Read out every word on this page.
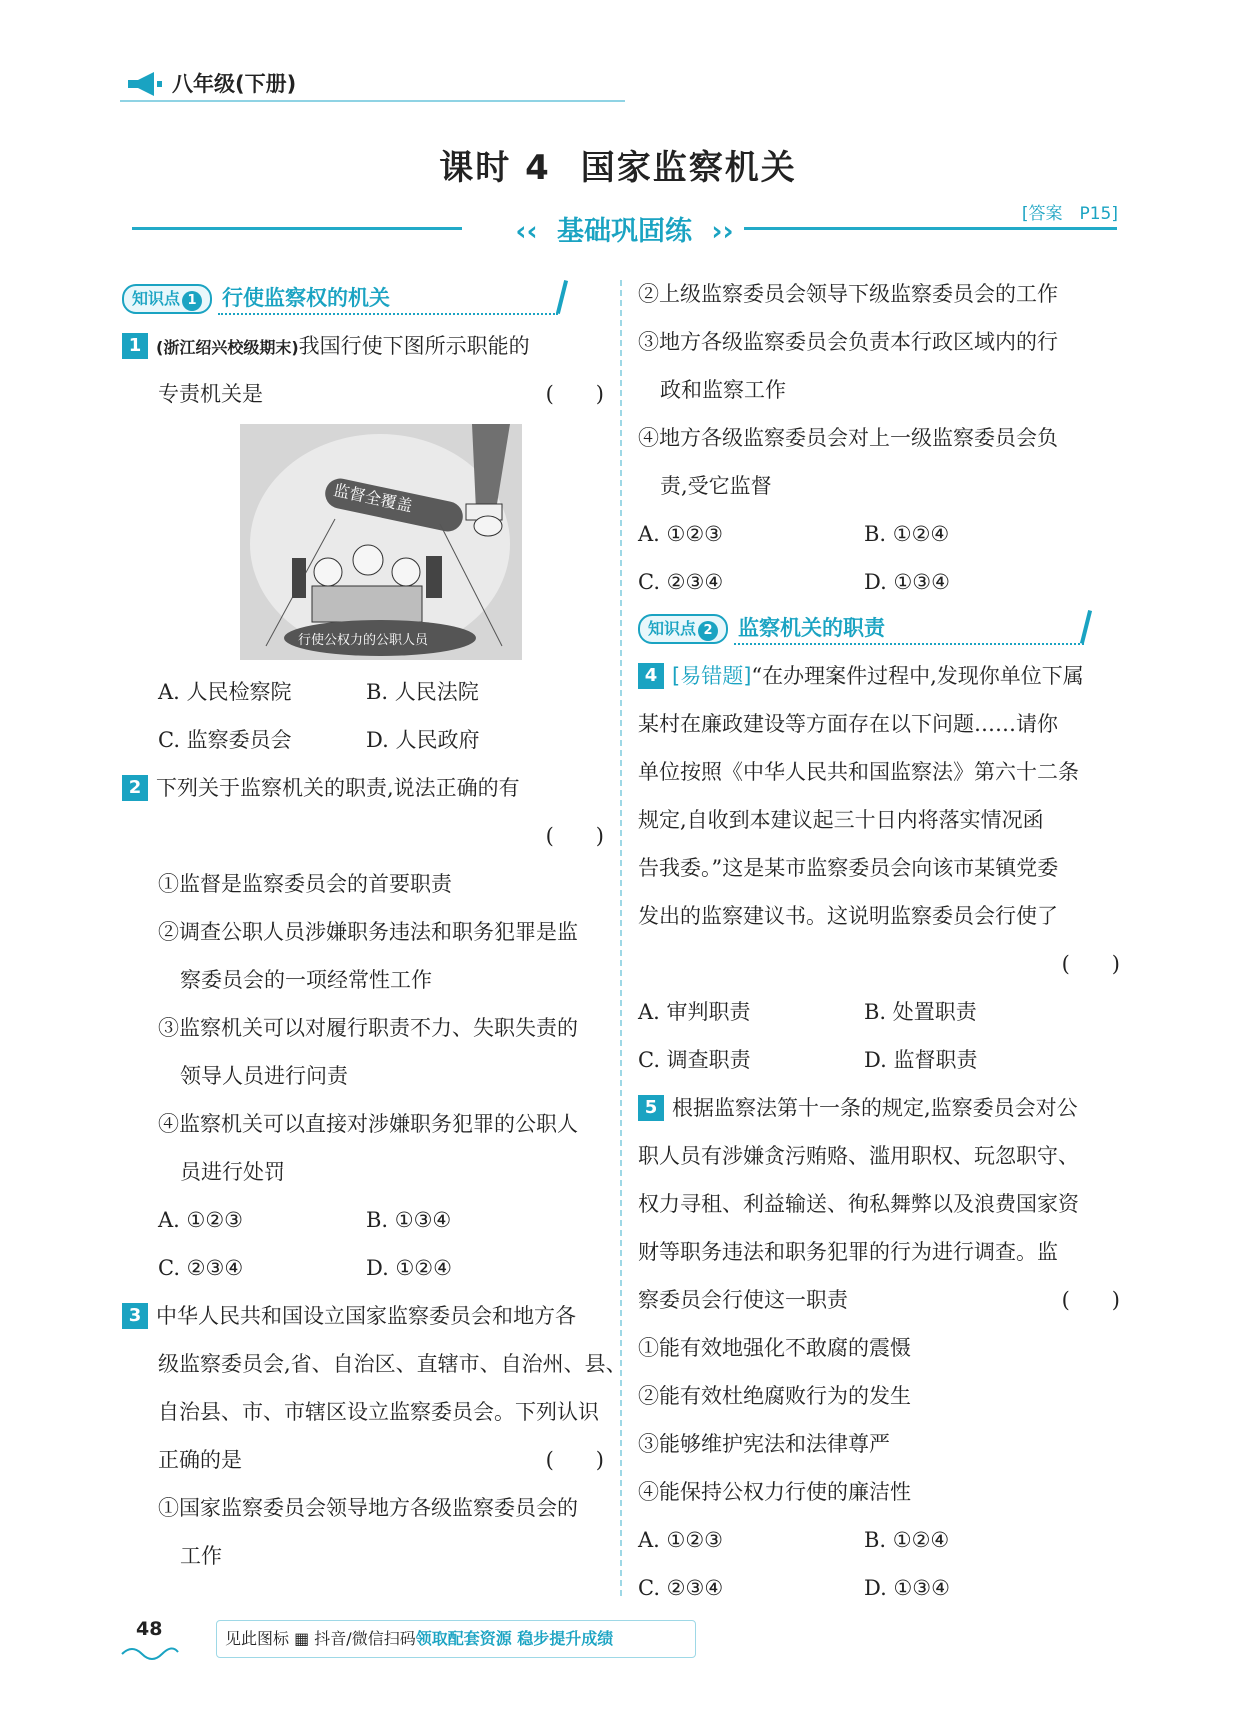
八年级(下册)
课时 4 国家监察机关
[答案　P15]
‹‹ 基础巩固练 ››
知识点 1	行使监察权的机关
1 (浙江绍兴校级期末)我国行使下图所示职能的
专责机关是	(　　)
监督全覆盖
行使公权力的公职人员
A. 人民检察院	B. 人民法院
C. 监察委员会	D. 人民政府
2 下列关于监察机关的职责,说法正确的有
(　　)
①监督是监察委员会的首要职责
②调查公职人员涉嫌职务违法和职务犯罪是监
察委员会的一项经常性工作
③监察机关可以对履行职责不力、失职失责的
领导人员进行问责
④监察机关可以直接对涉嫌职务犯罪的公职人
员进行处罚
A. ①②③	B. ①③④
C. ②③④	D. ①②④
3 中华人民共和国设立国家监察委员会和地方各
级监察委员会,省、自治区、直辖市、自治州、县、
自治县、市、市辖区设立监察委员会。下列认识
正确的是	(　　)
①国家监察委员会领导地方各级监察委员会的
工作
②上级监察委员会领导下级监察委员会的工作
③地方各级监察委员会负责本行政区域内的行
政和监察工作
④地方各级监察委员会对上一级监察委员会负
责,受它监督
A. ①②③	B. ①②④
C. ②③④	D. ①③④
知识点 2	监察机关的职责
4 [易错题]“在办理案件过程中,发现你单位下属
某村在廉政建设等方面存在以下问题……请你
单位按照《中华人民共和国监察法》第六十二条
规定,自收到本建议起三十日内将落实情况函
告我委。”这是某市监察委员会向该市某镇党委
发出的监察建议书。这说明监察委员会行使了
(　　)
A. 审判职责	B. 处置职责
C. 调查职责	D. 监督职责
5 根据监察法第十一条的规定,监察委员会对公
职人员有涉嫌贪污贿赂、滥用职权、玩忽职守、
权力寻租、利益输送、徇私舞弊以及浪费国家资
财等职务违法和职务犯罪的行为进行调查。监
察委员会行使这一职责	(　　)
①能有效地强化不敢腐的震慑
②能有效杜绝腐败行为的发生
③能够维护宪法和法律尊严
④能保持公权力行使的廉洁性
A. ①②③	B. ①②④
C. ②③④	D. ①③④
48	见此图标 ▦ 抖音/微信扫码领取配套资源 稳步提升成绩
